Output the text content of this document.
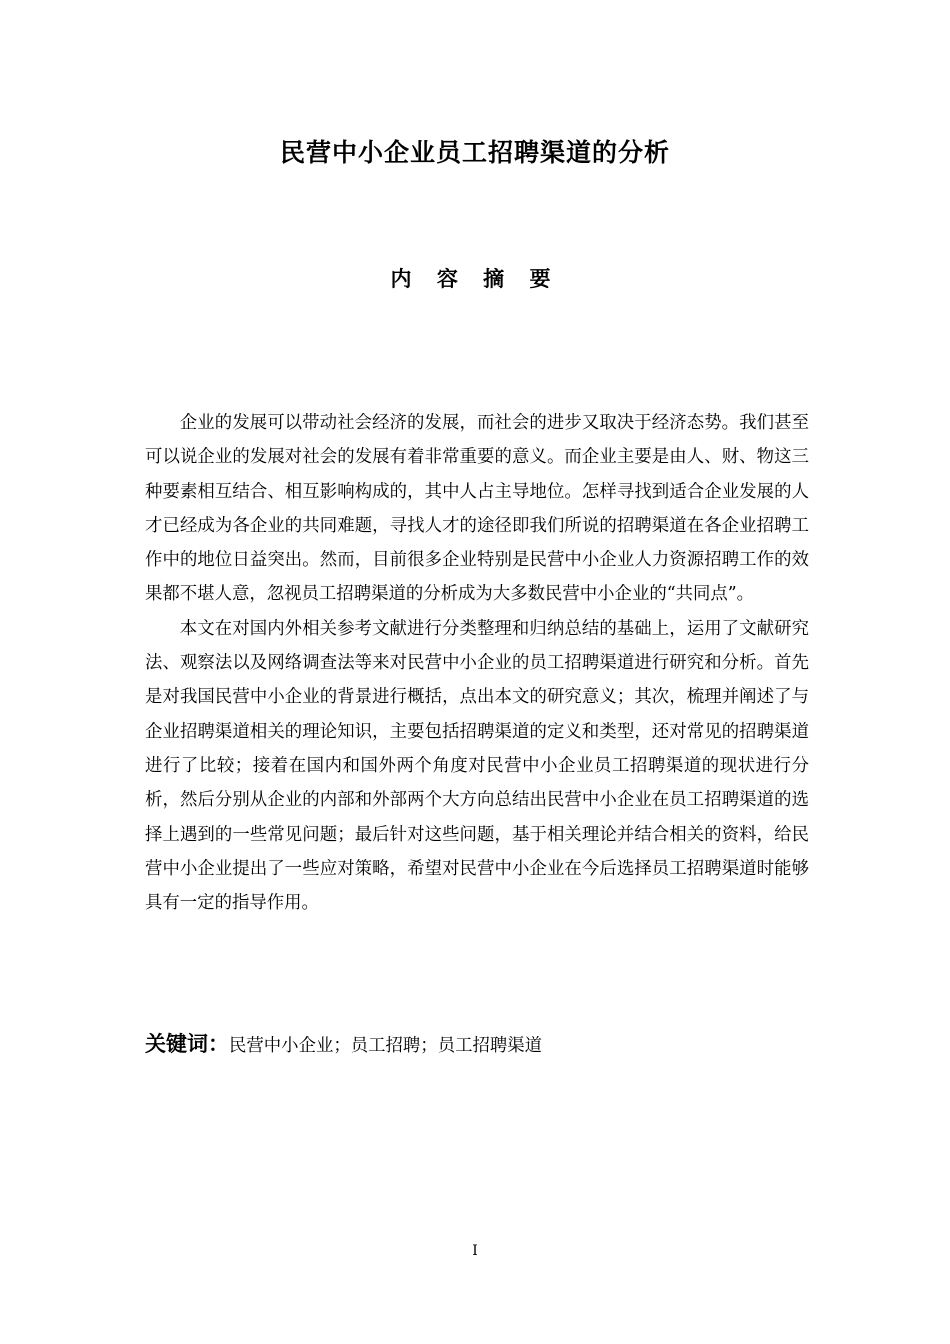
民营中小企业员工招聘渠道的分析
内 容 摘 要

企业的发展可以带动社会经济的发展，而社会的进步又取决于经济态势。我们甚至可以说企业的发展对社会的发展有着非常重要的意义。而企业主要是由人、财、物这三种要素相互结合、相互影响构成的，其中人占主导地位。怎样寻找到适合企业发展的人才已经成为各企业的共同难题，寻找人才的途径即我们所说的招聘渠道在各企业招聘工作中的地位日益突出。然而，目前很多企业特别是民营中小企业人力资源招聘工作的效果都不堪人意，忽视员工招聘渠道的分析成为大多数民营中小企业的“共同点”。

本文在对国内外相关参考文献进行分类整理和归纳总结的基础上，运用了文献研究法、观察法以及网络调查法等来对民营中小企业的员工招聘渠道进行研究和分析。首先是对我国民营中小企业的背景进行概括，点出本文的研究意义；其次，梳理并阐述了与企业招聘渠道相关的理论知识，主要包括招聘渠道的定义和类型，还对常见的招聘渠道进行了比较；接着在国内和国外两个角度对民营中小企业员工招聘渠道的现状进行分析，然后分别从企业的内部和外部两个大方向总结出民营中小企业在员工招聘渠道的选择上遇到的一些常见问题；最后针对这些问题，基于相关理论并结合相关的资料，给民营中小企业提出了一些应对策略，希望对民营中小企业在今后选择员工招聘渠道时能够具有一定的指导作用。

关键词：民营中小企业；员工招聘；员工招聘渠道
I
